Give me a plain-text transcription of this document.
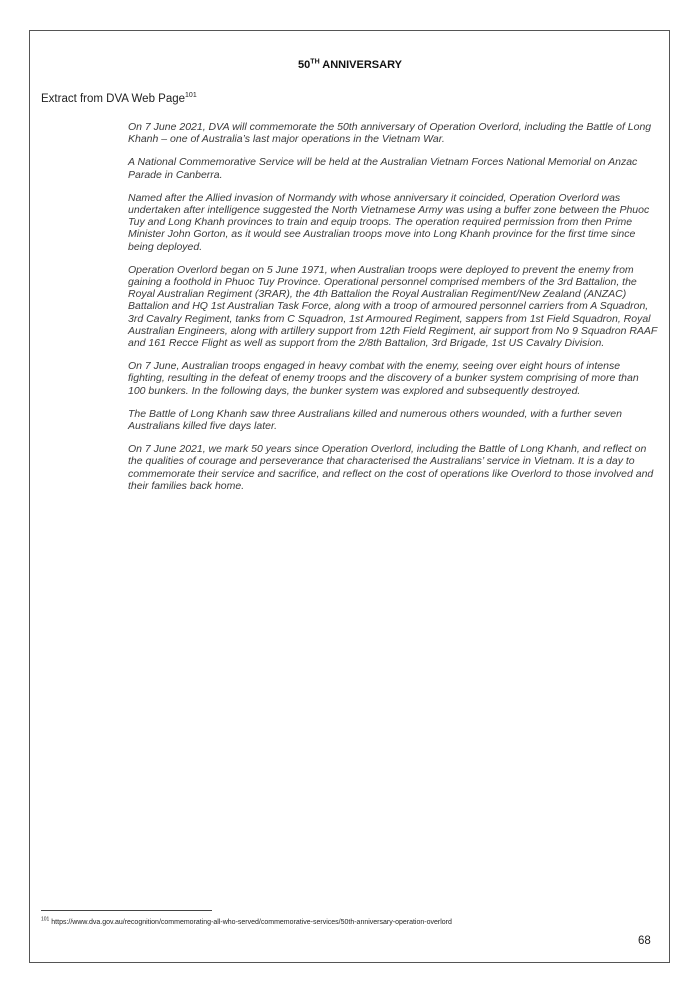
50TH ANNIVERSARY
Extract from DVA Web Page$^{101}$

On 7 June 2021, DVA will commemorate the 50th anniversary of Operation Overlord, including the Battle of Long Khanh – one of Australia’s last major operations in the Vietnam War.

A National Commemorative Service will be held at the Australian Vietnam Forces National Memorial on Anzac Parade in Canberra.

Named after the Allied invasion of Normandy with whose anniversary it coincided, Operation Overlord was undertaken after intelligence suggested the North Vietnamese Army was using a buffer zone between the Phuoc Tuy and Long Khanh provinces to train and equip troops. The operation required permission from then Prime Minister John Gorton, as it would see Australian troops move into Long Khanh province for the first time since being deployed.

Operation Overlord began on 5 June 1971, when Australian troops were deployed to prevent the enemy from gaining a foothold in Phuoc Tuy Province. Operational personnel comprised members of the 3rd Battalion, the Royal Australian Regiment (3RAR), the 4th Battalion the Royal Australian Regiment/New Zealand (ANZAC) Battalion and HQ 1st Australian Task Force, along with a troop of armoured personnel carriers from A Squadron, 3rd Cavalry Regiment, tanks from C Squadron, 1st Armoured Regiment, sappers from 1st Field Squadron, Royal Australian Engineers, along with artillery support from 12th Field Regiment, air support from No 9 Squadron RAAF and 161 Recce Flight as well as support from the 2/8th Battalion, 3rd Brigade, 1st US Cavalry Division.

On 7 June, Australian troops engaged in heavy combat with the enemy, seeing over eight hours of intense fighting, resulting in the defeat of enemy troops and the discovery of a bunker system comprising of more than 100 bunkers. In the following days, the bunker system was explored and subsequently destroyed.

The Battle of Long Khanh saw three Australians killed and numerous others wounded, with a further seven Australians killed five days later.

On 7 June 2021, we mark 50 years since Operation Overlord, including the Battle of Long Khanh, and reflect on the qualities of courage and perseverance that characterised the Australians’ service in Vietnam. It is a day to commemorate their service and sacrifice, and reflect on the cost of operations like Overlord to those involved and their families back home.

$^{101}$ https://www.dva.gov.au/recognition/commemorating-all-who-served/commemorative-services/50th-anniversary-operation-overlord
68
